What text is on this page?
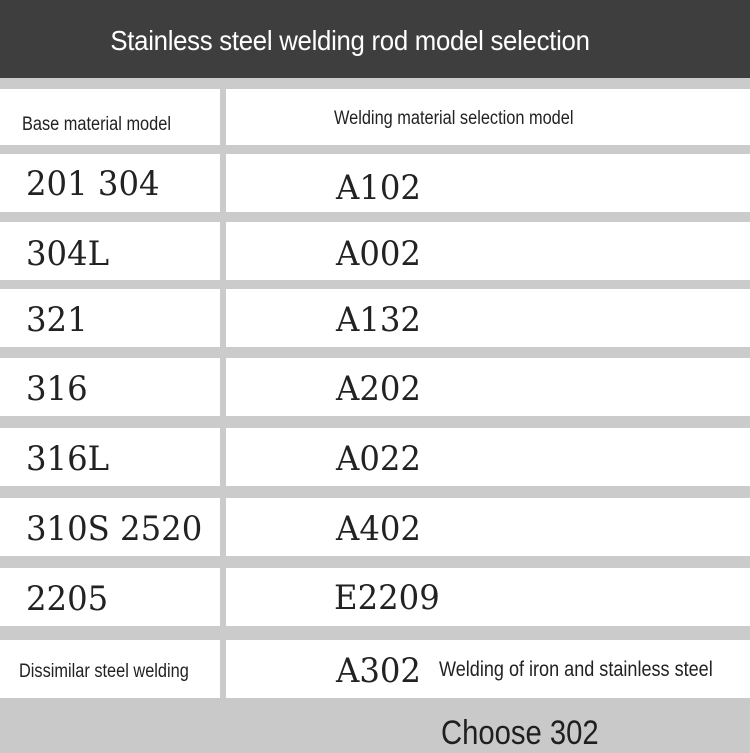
Stainless steel welding rod model selection
Base material model	Welding material selection model
201 304	A102
304L	A002
321	A132
316	A202
316L	A022
310S 2520	A402
2205	E2209
Dissimilar steel welding	A302 Welding of iron and stainless steel
Choose 302
